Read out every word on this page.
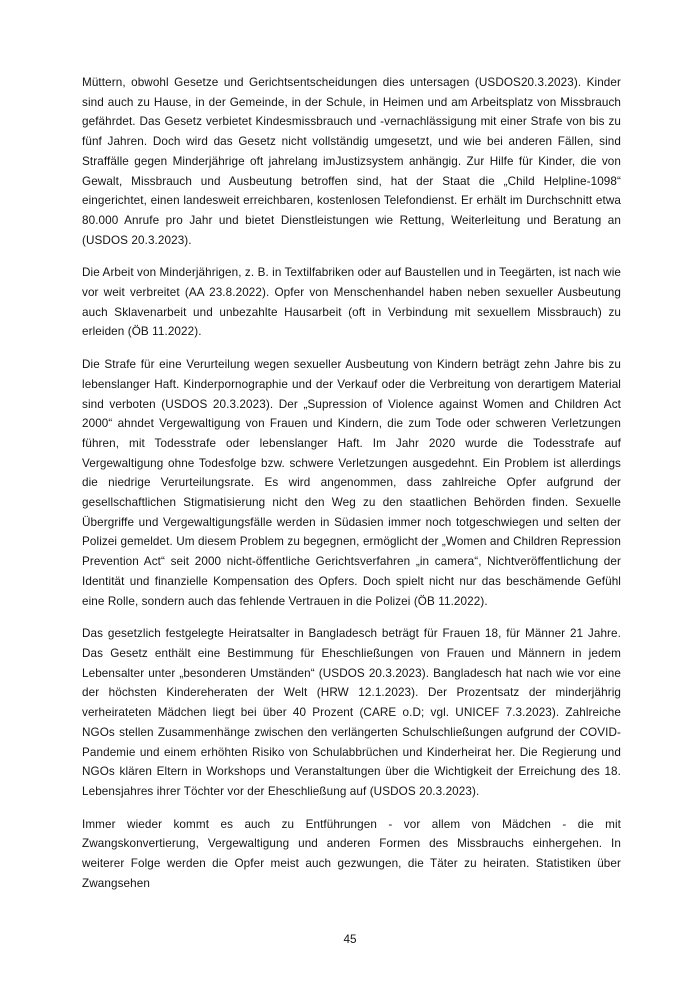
Müttern, obwohl Gesetze und Gerichtsentscheidungen dies untersagen (USDOS20.3.2023). Kinder sind auch zu Hause, in der Gemeinde, in der Schule, in Heimen und am Arbeitsplatz von Missbrauch gefährdet. Das Gesetz verbietet Kindesmissbrauch und -vernachlässigung mit einer Strafe von bis zu fünf Jahren. Doch wird das Gesetz nicht vollständig umgesetzt, und wie bei anderen Fällen, sind Straffälle gegen Minderjährige oft jahrelang imJustizsystem anhängig. Zur Hilfe für Kinder, die von Gewalt, Missbrauch und Ausbeutung betroffen sind, hat der Staat die „Child Helpline-1098“ eingerichtet, einen landesweit erreichbaren, kostenlosen Telefondienst. Er erhält im Durchschnitt etwa 80.000 Anrufe pro Jahr und bietet Dienstleistungen wie Rettung, Weiterleitung und Beratung an (USDOS 20.3.2023).

Die Arbeit von Minderjährigen, z. B. in Textilfabriken oder auf Baustellen und in Teegärten, ist nach wie vor weit verbreitet (AA 23.8.2022). Opfer von Menschenhandel haben neben sexueller Ausbeutung auch Sklavenarbeit und unbezahlte Hausarbeit (oft in Verbindung mit sexuellem Missbrauch) zu erleiden (ÖB 11.2022).

Die Strafe für eine Verurteilung wegen sexueller Ausbeutung von Kindern beträgt zehn Jahre bis zu lebenslanger Haft. Kinderpornographie und der Verkauf oder die Verbreitung von derartigem Material sind verboten (USDOS 20.3.2023). Der „Supression of Violence against Women and Children Act 2000“ ahndet Vergewaltigung von Frauen und Kindern, die zum Tode oder schweren Verletzungen führen, mit Todesstrafe oder lebenslanger Haft. Im Jahr 2020 wurde die Todesstrafe auf Vergewaltigung ohne Todesfolge bzw. schwere Verletzungen ausgedehnt. Ein Problem ist allerdings die niedrige Verurteilungsrate. Es wird angenommen, dass zahlreiche Opfer aufgrund der gesellschaftlichen Stigmatisierung nicht den Weg zu den staatlichen Behörden finden. Sexuelle Übergriffe und Vergewaltigungsfälle werden in Südasien immer noch totgeschwiegen und selten der Polizei gemeldet. Um diesem Problem zu begegnen, ermöglicht der „Women and Children Repression Prevention Act“ seit 2000 nicht-öffentliche Gerichtsverfahren „in camera“, Nichtveröffentlichung der Identität und finanzielle Kompensation des Opfers. Doch spielt nicht nur das beschämende Gefühl eine Rolle, sondern auch das fehlende Vertrauen in die Polizei (ÖB 11.2022).

Das gesetzlich festgelegte Heiratsalter in Bangladesch beträgt für Frauen 18, für Männer 21 Jahre. Das Gesetz enthält eine Bestimmung für Eheschließungen von Frauen und Männern in jedem Lebensalter unter „besonderen Umständen“ (USDOS 20.3.2023). Bangladesch hat nach wie vor eine der höchsten Kindereheraten der Welt (HRW 12.1.2023). Der Prozentsatz der minderjährig verheirateten Mädchen liegt bei über 40 Prozent (CARE o.D; vgl. UNICEF 7.3.2023). Zahlreiche NGOs stellen Zusammenhänge zwischen den verlängerten Schulschließungen aufgrund der COVID-Pandemie und einem erhöhten Risiko von Schulabbrüchen und Kinderheirat her. Die Regierung und NGOs klären Eltern in Workshops und Veranstaltungen über die Wichtigkeit der Erreichung des 18. Lebensjahres ihrer Töchter vor der Eheschließung auf (USDOS 20.3.2023).

Immer wieder kommt es auch zu Entführungen - vor allem von Mädchen - die mit Zwangskonvertierung, Vergewaltigung und anderen Formen des Missbrauchs einhergehen. In weiterer Folge werden die Opfer meist auch gezwungen, die Täter zu heiraten. Statistiken über Zwangsehen

45
